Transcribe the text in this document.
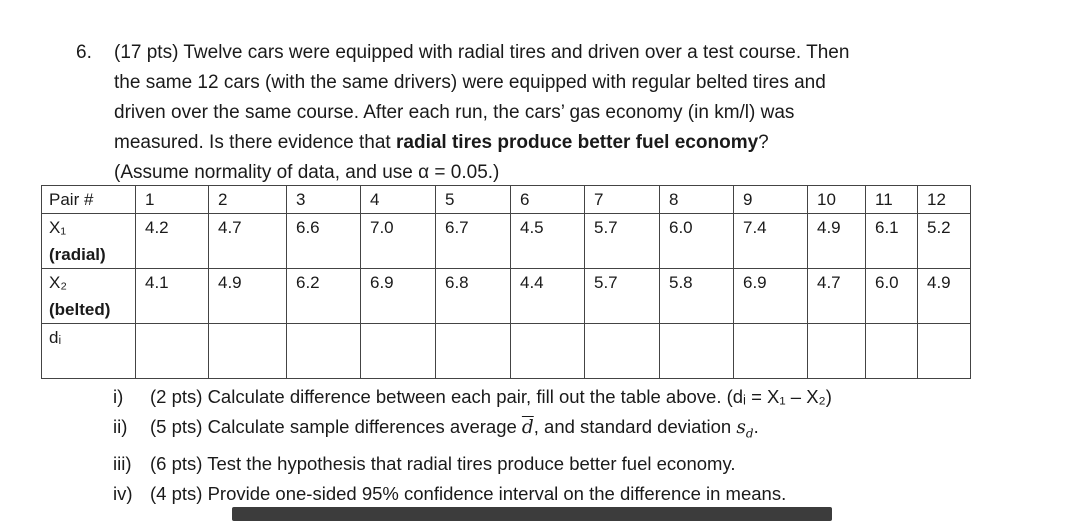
6. (17 pts) Twelve cars were equipped with radial tires and driven over a test course. Then
the same 12 cars (with the same drivers) were equipped with regular belted tires and
driven over the same course. After each run, the cars’ gas economy (in km/l) was
measured. Is there evidence that radial tires produce better fuel economy?
(Assume normality of data, and use α = 0.05.)
Pair #	1	2	3	4	5	6	7	8	9	10	11	12
X₁
(radial)	4.2	4.7	6.6	7.0	6.7	4.5	5.7	6.0	7.4	4.9	6.1	5.2
X₂
(belted)	4.1	4.9	6.2	6.9	6.8	4.4	5.7	5.8	6.9	4.7	6.0	4.9
dᵢ												
i) (2 pts) Calculate difference between each pair, fill out the table above. (dᵢ = X₁ – X₂)
ii) (5 pts) Calculate sample differences average $\overline{d}$, and standard deviation $s_d$.
iii) (6 pts) Test the hypothesis that radial tires produce better fuel economy.
iv) (4 pts) Provide one-sided 95% confidence interval on the difference in means.
